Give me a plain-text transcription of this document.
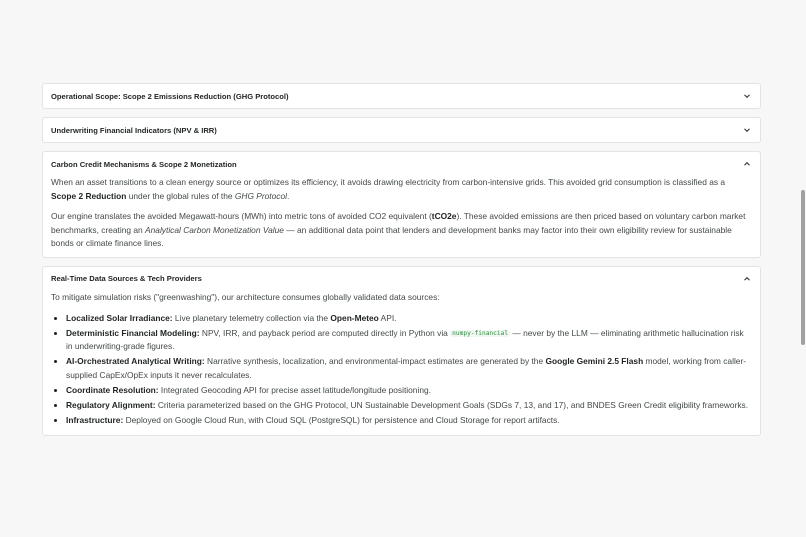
Operational Scope: Scope 2 Emissions Reduction (GHG Protocol)
Underwriting Financial Indicators (NPV & IRR)
Carbon Credit Mechanisms & Scope 2 Monetization

When an asset transitions to a clean energy source or optimizes its efficiency, it avoids drawing electricity from carbon-intensive grids. This avoided grid consumption is classified as a Scope 2 Reduction under the global rules of the GHG Protocol.

Our engine translates the avoided Megawatt-hours (MWh) into metric tons of avoided CO2 equivalent (tCO2e). These avoided emissions are then priced based on voluntary carbon market benchmarks, creating an Analytical Carbon Monetization Value — an additional data point that lenders and development banks may factor into their own eligibility review for sustainable bonds or climate finance lines.

Real-Time Data Sources & Tech Providers

To mitigate simulation risks ("greenwashing"), our architecture consumes globally validated data sources:

• Localized Solar Irradiance: Live planetary telemetry collection via the Open-Meteo API.
• Deterministic Financial Modeling: NPV, IRR, and payback period are computed directly in Python via numpy-financial — never by the LLM — eliminating arithmetic hallucination risk in underwriting-grade figures.
• AI-Orchestrated Analytical Writing: Narrative synthesis, localization, and environmental-impact estimates are generated by the Google Gemini 2.5 Flash model, working from caller-supplied CapEx/OpEx inputs it never recalculates.
• Coordinate Resolution: Integrated Geocoding API for precise asset latitude/longitude positioning.
• Regulatory Alignment: Criteria parameterized based on the GHG Protocol, UN Sustainable Development Goals (SDGs 7, 13, and 17), and BNDES Green Credit eligibility frameworks.
• Infrastructure: Deployed on Google Cloud Run, with Cloud SQL (PostgreSQL) for persistence and Cloud Storage for report artifacts.
